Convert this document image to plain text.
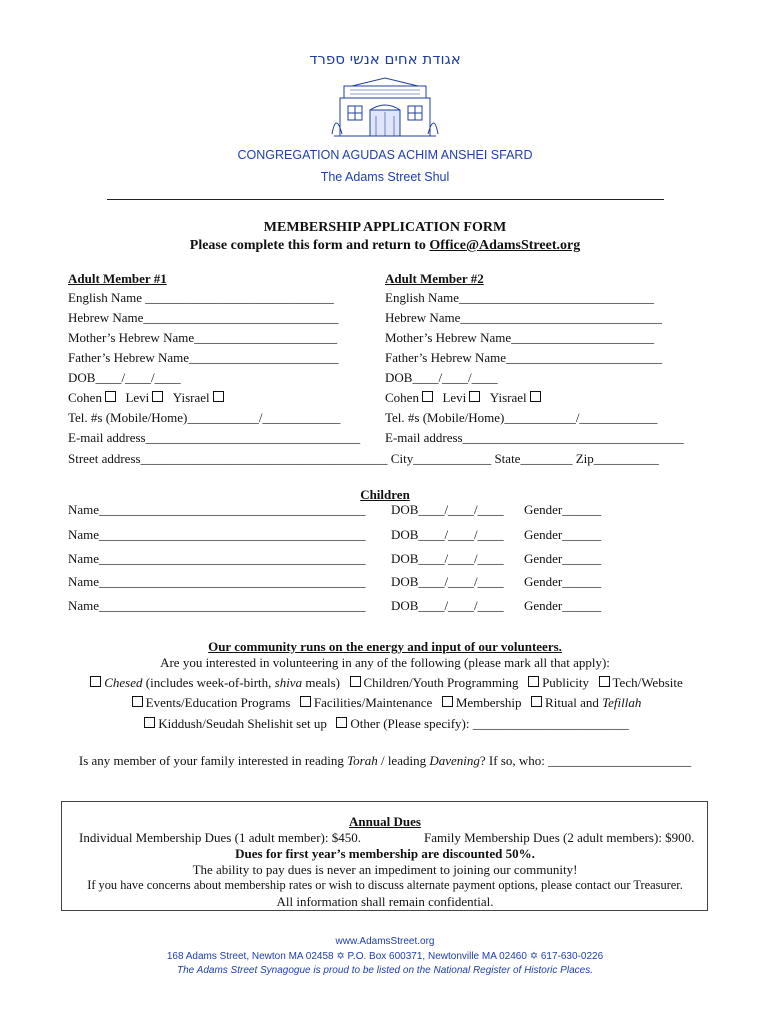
אגודת אחים אנשי ספרד
CONGREGATION AGUDAS ACHIM ANSHEI SFARD
The Adams Street Shul
MEMBERSHIP APPLICATION FORM
Please complete this form and return to Office@AdamsStreet.org
Adult Member #1
English Name _____________________________
Hebrew Name______________________________
Mother’s Hebrew Name______________________
Father’s Hebrew Name_______________________
DOB____/____/____
Cohen Levi Yisrael
Tel. #s (Mobile/Home)___________/____________
E-mail address_________________________________
Adult Member #2
English Name______________________________
Hebrew Name_______________________________
Mother’s Hebrew Name______________________
Father’s Hebrew Name________________________
DOB____/____/____
Cohen Levi Yisrael
Tel. #s (Mobile/Home)___________/____________
E-mail address__________________________________
Street address______________________________________ City____________ State________ Zip__________
Children
Name_________________________________________ DOB____/____/____ Gender______
Name_________________________________________ DOB____/____/____ Gender______
Name_________________________________________ DOB____/____/____ Gender______
Name_________________________________________ DOB____/____/____ Gender______
Name_________________________________________ DOB____/____/____ Gender______
Our community runs on the energy and input of our volunteers.
Are you interested in volunteering in any of the following (please mark all that apply):
Chesed (includes week-of-birth, shiva meals) Children/Youth Programming Publicity Tech/Website
Events/Education Programs Facilities/Maintenance Membership Ritual and Tefillah
Kiddush/Seudah Shelishit set up Other (Please specify): ________________________
Is any member of your family interested in reading Torah / leading Davening? If so, who: ______________________
Annual Dues
Individual Membership Dues (1 adult member): $450.	Family Membership Dues (2 adult members): $900.
Dues for first year’s membership are discounted 50%.
The ability to pay dues is never an impediment to joining our community!
If you have concerns about membership rates or wish to discuss alternate payment options, please contact our Treasurer.
All information shall remain confidential.
www.AdamsStreet.org
168 Adams Street, Newton MA 02458 ✡ P.O. Box 600371, Newtonville MA 02460 ✡ 617-630-0226
The Adams Street Synagogue is proud to be listed on the National Register of Historic Places.
